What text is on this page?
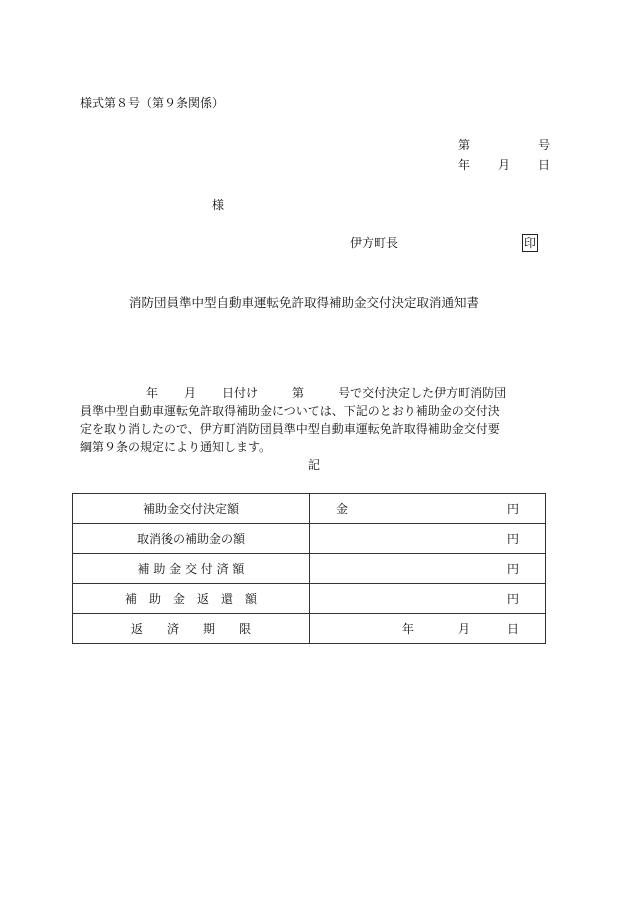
様式第８号（第９条関係）
第	号
年 月 日
様
伊方町長	印
消防団員準中型自動車運転免許取得補助金交付決定取消通知書
年 月 日付け	第	号で交付決定した伊方町消防団
員準中型自動車運転免許取得補助金については、下記のとおり補助金の交付決
定を取り消したので、伊方町消防団員準中型自動車運転免許取得補助金交付要
綱第９条の規定により通知します。
記
補助金交付決定額	金 円

取消後の補助金の額	円

補 助 金 交 付 済 額	円

補　助　金　返　還　額	円

返　　済　　期　　限	年 月 日
